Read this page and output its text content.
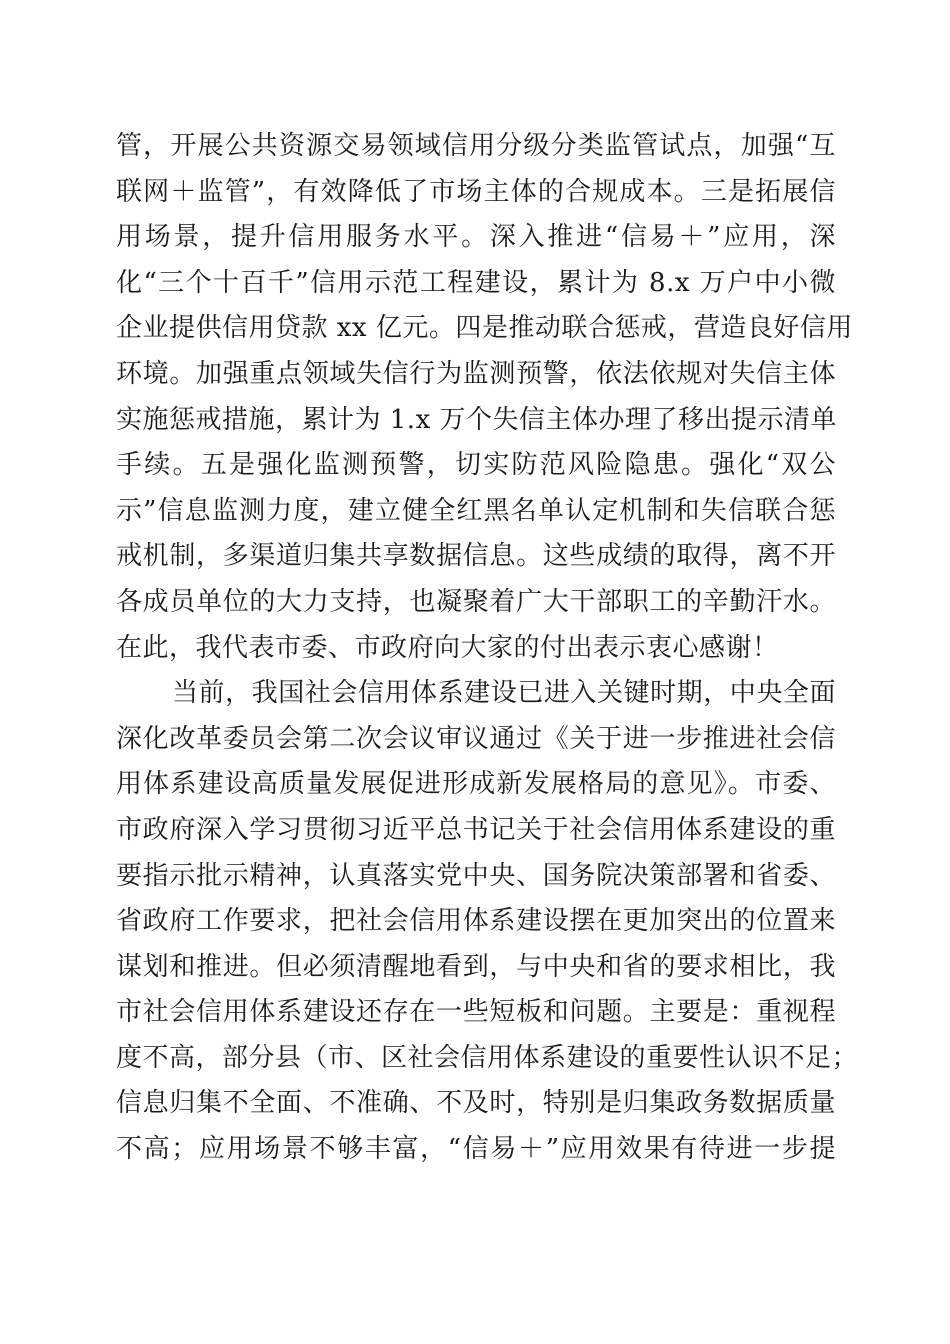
管，开展公共资源交易领域信用分级分类监管试点，加强“互
联网＋监管”，有效降低了市场主体的合规成本。三是拓展信
用场景，提升信用服务水平。深入推进“信易＋”应用，深
化“三个十百千”信用示范工程建设，累计为 8.x 万户中小微
企业提供信用贷款 xx 亿元。四是推动联合惩戒，营造良好信用
环境。加强重点领域失信行为监测预警，依法依规对失信主体
实施惩戒措施，累计为 1.x 万个失信主体办理了移出提示清单
手续。五是强化监测预警，切实防范风险隐患。强化“双公
示”信息监测力度，建立健全红黑名单认定机制和失信联合惩
戒机制，多渠道归集共享数据信息。这些成绩的取得，离不开
各成员单位的大力支持，也凝聚着广大干部职工的辛勤汗水。
在此，我代表市委、市政府向大家的付出表示衷心感谢！
当前，我国社会信用体系建设已进入关键时期，中央全面
深化改革委员会第二次会议审议通过《关于进一步推进社会信
用体系建设高质量发展促进形成新发展格局的意见》。市委、
市政府深入学习贯彻习近平总书记关于社会信用体系建设的重
要指示批示精神，认真落实党中央、国务院决策部署和省委、
省政府工作要求，把社会信用体系建设摆在更加突出的位置来
谋划和推进。但必须清醒地看到，与中央和省的要求相比，我
市社会信用体系建设还存在一些短板和问题。主要是：重视程
度不高，部分县（市、区社会信用体系建设的重要性认识不足；
信息归集不全面、不准确、不及时，特别是归集政务数据质量
不高；应用场景不够丰富，“信易＋”应用效果有待进一步提
